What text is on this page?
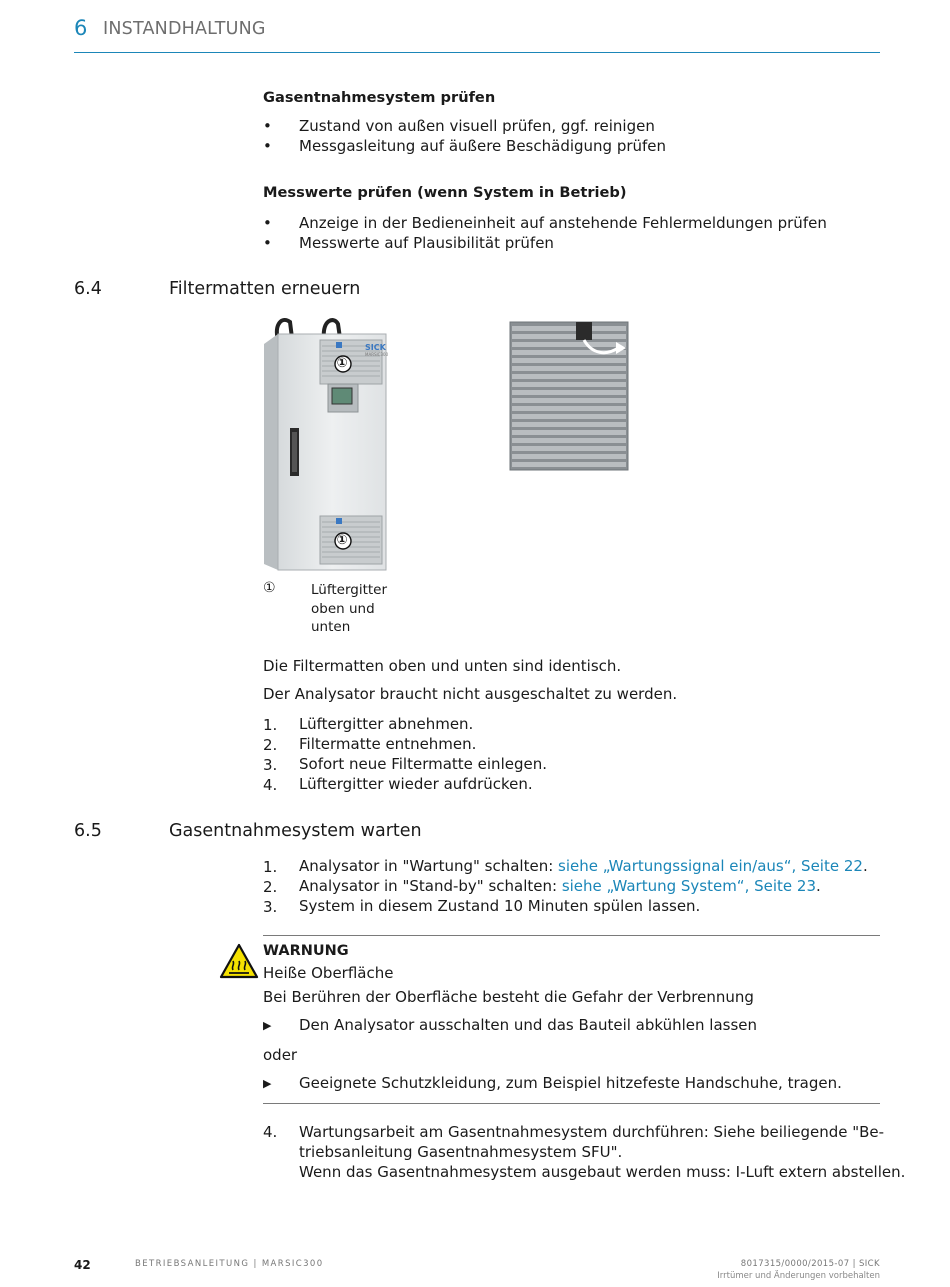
6 INSTANDHALTUNG
Gasentnahmesystem prüfen
• Zustand von außen visuell prüfen, ggf. reinigen
• Messgasleitung auf äußere Beschädigung prüfen
Messwerte prüfen (wenn System in Betrieb)
• Anzeige in der Bedieneinheit auf anstehende Fehlermeldungen prüfen
• Messwerte auf Plausibilität prüfen
6.4	Filtermatten erneuern
SICK
MARSIC300
①
①
①	Lüftergitter
oben und
unten
Die Filtermatten oben und unten sind identisch.
Der Analysator braucht nicht ausgeschaltet zu werden.
1. Lüftergitter abnehmen.
2. Filtermatte entnehmen.
3. Sofort neue Filtermatte einlegen.
4. Lüftergitter wieder aufdrücken.
6.5	Gasentnahmesystem warten
1. Analysator in "Wartung" schalten: siehe „Wartungssignal ein/aus“, Seite 22.
2. Analysator in "Stand-by" schalten: siehe „Wartung System“, Seite 23.
3. System in diesem Zustand 10 Minuten spülen lassen.
WARNUNG
Heiße Oberfläche
Bei Berühren der Oberfläche besteht die Gefahr der Verbrennung
▶ Den Analysator ausschalten und das Bauteil abkühlen lassen
oder
▶ Geeignete Schutzkleidung, zum Beispiel hitzefeste Handschuhe, tragen.
4. Wartungsarbeit am Gasentnahmesystem durchführen: Siehe beiliegende "Be-
triebsanleitung Gasentnahmesystem SFU".
Wenn das Gasentnahmesystem ausgebaut werden muss: I-Luft extern abstellen.
42	BETRIEBSANLEITUNG | MARSIC300	8017315/0000/2015-07 | SICK
Irrtümer und Änderungen vorbehalten
